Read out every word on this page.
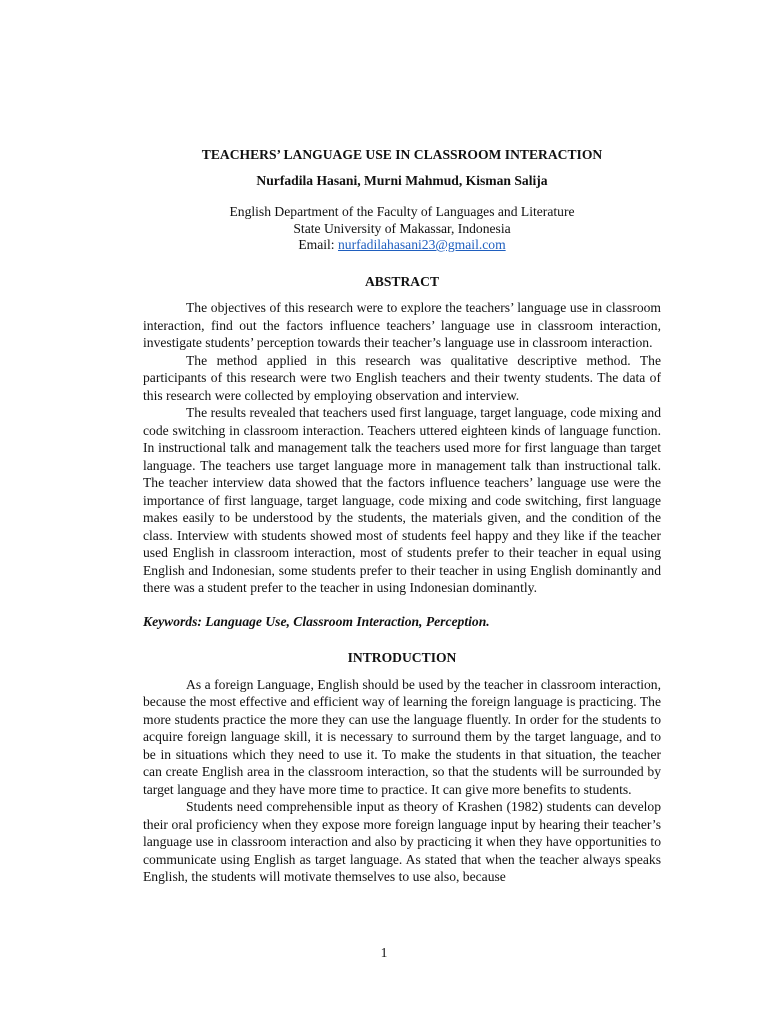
TEACHERS’ LANGUAGE USE IN CLASSROOM INTERACTION
Nurfadila Hasani, Murni Mahmud, Kisman Salija
English Department of the Faculty of Languages and Literature
State University of Makassar, Indonesia
Email: nurfadilahasani23@gmail.com
ABSTRACT

The objectives of this research were to explore the teachers’ language use in classroom interaction, find out the factors influence teachers’ language use in classroom interaction, investigate students’ perception towards their teacher’s language use in classroom interaction.

The method applied in this research was qualitative descriptive method. The participants of this research were two English teachers and their twenty students. The data of this research were collected by employing observation and interview.

The results revealed that teachers used first language, target language, code mixing and code switching in classroom interaction. Teachers uttered eighteen kinds of language function. In instructional talk and management talk the teachers used more for first language than target language. The teachers use target language more in management talk than instructional talk. The teacher interview data showed that the factors influence teachers’ language use were the importance of first language, target language, code mixing and code switching, first language makes easily to be understood by the students, the materials given, and the condition of the class. Interview with students showed most of students feel happy and they like if the teacher used English in classroom interaction, most of students prefer to their teacher in equal using English and Indonesian, some students prefer to their teacher in using English dominantly and there was a student prefer to the teacher in using Indonesian dominantly.

Keywords: Language Use, Classroom Interaction, Perception.
INTRODUCTION

As a foreign Language, English should be used by the teacher in classroom interaction, because the most effective and efficient way of learning the foreign language is practicing. The more students practice the more they can use the language fluently. In order for the students to acquire foreign language skill, it is necessary to surround them by the target language, and to be in situations which they need to use it. To make the students in that situation, the teacher can create English area in the classroom interaction, so that the students will be surrounded by target language and they have more time to practice. It can give more benefits to students.

Students need comprehensible input as theory of Krashen (1982) students can develop their oral proficiency when they expose more foreign language input by hearing their teacher’s language use in classroom interaction and also by practicing it when they have opportunities to communicate using English as target language. As stated that when the teacher always speaks English, the students will motivate themselves to use also, because

1
